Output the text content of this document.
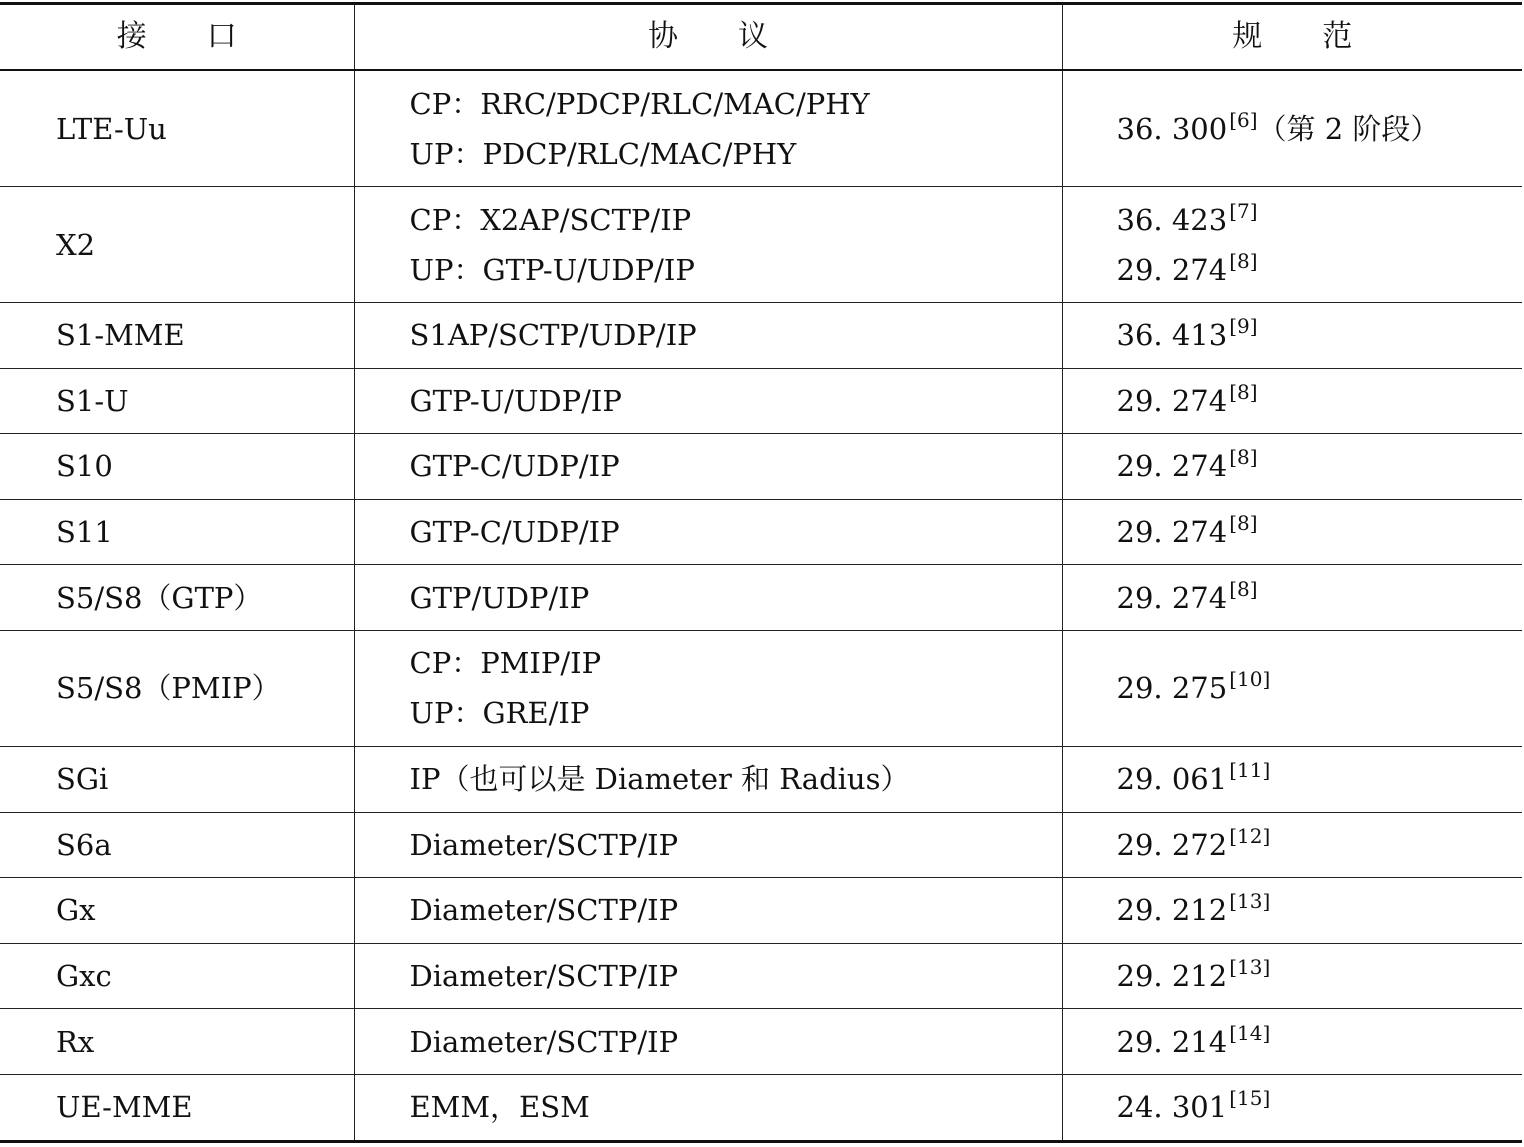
接　　口	协　　议	规　　范

LTE-Uu	CP：RRC/PDCP/RLC/MAC/PHY
UP：PDCP/RLC/MAC/PHY	36. 300 [6]（第 2 阶段）

X2	CP：X2AP/SCTP/IP
UP：GTP-U/UDP/IP	36. 423 [7]
29. 274 [8]

S1-MME	S1AP/SCTP/UDP/IP	36. 413 [9]

S1-U	GTP-U/UDP/IP	29. 274 [8]

S10	GTP-C/UDP/IP	29. 274 [8]

S11	GTP-C/UDP/IP	29. 274 [8]

S5/S8（GTP）	GTP/UDP/IP	29. 274 [8]

S5/S8（PMIP）	CP：PMIP/IP
UP：GRE/IP	29. 275 [10]

SGi	IP（也可以是 Diameter 和 Radius）	29. 061 [11]

S6a	Diameter/SCTP/IP	29. 272 [12]

Gx	Diameter/SCTP/IP	29. 212 [13]

Gxc	Diameter/SCTP/IP	29. 212 [13]

Rx	Diameter/SCTP/IP	29. 214 [14]

UE-MME	EMM，ESM	24. 301 [15]
